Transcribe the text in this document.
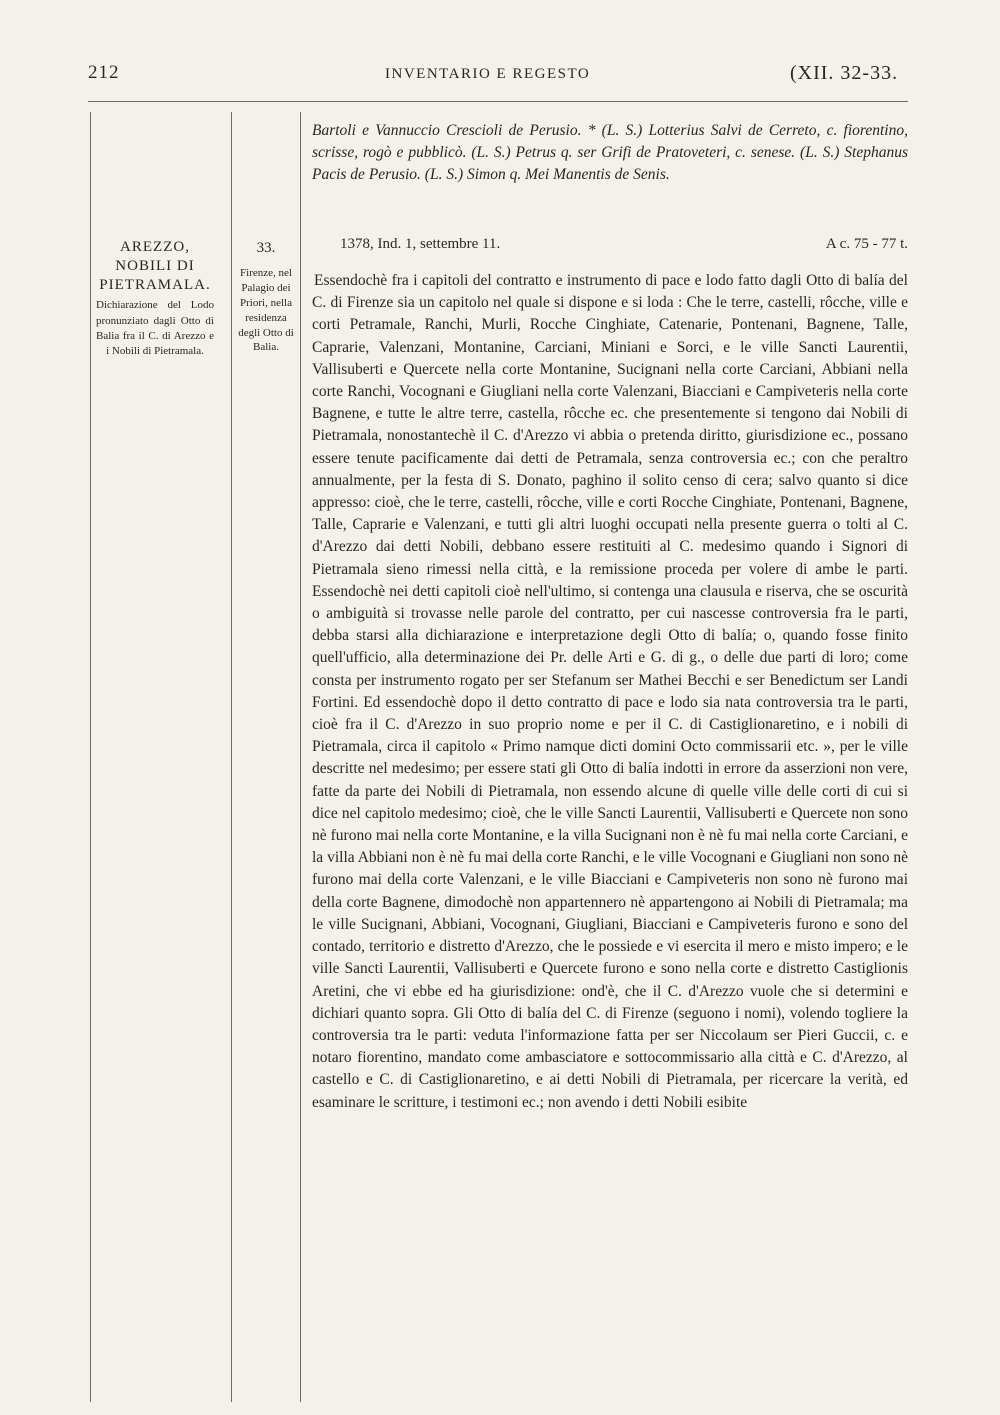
212	INVENTARIO E REGESTO	(XII. 32-33.
Bartoli e Vannuccio Crescioli de Perusio. * (L. S.) Lotterius Salvi de Cerreto, c. fiorentino, scrisse, rogò e pubblicò. (L. S.) Petrus q. ser Grifi de Pratoveteri, c. senese. (L. S.) Stephanus Pacis de Perusio. (L. S.) Simon q. Mei Manentis de Senis.
AREZZO, NOBILI DI PIETRAMALA.
Dichiarazione del Lodo pronunziato dagli Otto di Balia fra il C. di Arezzo e i Nobili di Pietramala.
33.
Firenze, nel Palagio dei Priori, nella residenza degli Otto di Balia.
1378, Ind. 1, settembre 11.	A c. 75 - 77 t.

Essendochè fra i capitoli del contratto e instrumento di pace e lodo fatto dagli Otto di balía del C. di Firenze sia un capitolo nel quale si dispone e si loda : Che le terre, castelli, rôcche, ville e corti Petramale, Ranchi, Murli, Rocche Cinghiate, Catenarie, Pontenani, Bagnene, Talle, Caprarie, Valenzani, Montanine, Carciani, Miniani e Sorci, e le ville Sancti Laurentii, Vallisuberti e Quercete nella corte Montanine, Sucignani nella corte Carciani, Abbiani nella corte Ranchi, Vocognani e Giugliani nella corte Valenzani, Biacciani e Campiveteris nella corte Bagnene, e tutte le altre terre, castella, rôcche ec. che presentemente si tengono dai Nobili di Pietramala, nonostantechè il C. d'Arezzo vi abbia o pretenda diritto, giurisdizione ec., possano essere tenute pacificamente dai detti de Petramala, senza controversia ec.; con che peraltro annualmente, per la festa di S. Donato, paghino il solito censo di cera; salvo quanto si dice appresso: cioè, che le terre, castelli, rôcche, ville e corti Rocche Cinghiate, Pontenani, Bagnene, Talle, Caprarie e Valenzani, e tutti gli altri luoghi occupati nella presente guerra o tolti al C. d'Arezzo dai detti Nobili, debbano essere restituiti al C. medesimo quando i Signori di Pietramala sieno rimessi nella città, e la remissione proceda per volere di ambe le parti. Essendochè nei detti capitoli cioè nell'ultimo, si contenga una clausula e riserva, che se oscurità o ambiguità si trovasse nelle parole del contratto, per cui nascesse controversia fra le parti, debba starsi alla dichiarazione e interpretazione degli Otto di balía; o, quando fosse finito quell'ufficio, alla determinazione dei Pr. delle Arti e G. di g., o delle due parti di loro; come consta per instrumento rogato per ser Stefanum ser Mathei Becchi e ser Benedictum ser Landi Fortini. Ed essendochè dopo il detto contratto di pace e lodo sia nata controversia tra le parti, cioè fra il C. d'Arezzo in suo proprio nome e per il C. di Castiglionaretino, e i nobili di Pietramala, circa il capitolo « Primo namque dicti domini Octo commissarii etc. », per le ville descritte nel medesimo; per essere stati gli Otto di balía indotti in errore da asserzioni non vere, fatte da parte dei Nobili di Pietramala, non essendo alcune di quelle ville delle corti di cui si dice nel capitolo medesimo; cioè, che le ville Sancti Laurentii, Vallisuberti e Quercete non sono nè furono mai nella corte Montanine, e la villa Sucignani non è nè fu mai nella corte Carciani, e la villa Abbiani non è nè fu mai della corte Ranchi, e le ville Vocognani e Giugliani non sono nè furono mai della corte Valenzani, e le ville Biacciani e Campiveteris non sono nè furono mai della corte Bagnene, dimodochè non appartennero nè appartengono ai Nobili di Pietramala; ma le ville Sucignani, Abbiani, Vocognani, Giugliani, Biacciani e Campiveteris furono e sono del contado, territorio e distretto d'Arezzo, che le possiede e vi esercita il mero e misto impero; e le ville Sancti Laurentii, Vallisuberti e Quercete furono e sono nella corte e distretto Castiglionis Aretini, che vi ebbe ed ha giurisdizione: ond'è, che il C. d'Arezzo vuole che si determini e dichiari quanto sopra. Gli Otto di balía del C. di Firenze (seguono i nomi), volendo togliere la controversia tra le parti: veduta l'informazione fatta per ser Niccolaum ser Pieri Guccii, c. e notaro fiorentino, mandato come ambasciatore e sottocommissario alla città e C. d'Arezzo, al castello e C. di Castiglionaretino, e ai detti Nobili di Pietramala, per ricercare la verità, ed esaminare le scritture, i testimoni ec.; non avendo i detti Nobili esibite
